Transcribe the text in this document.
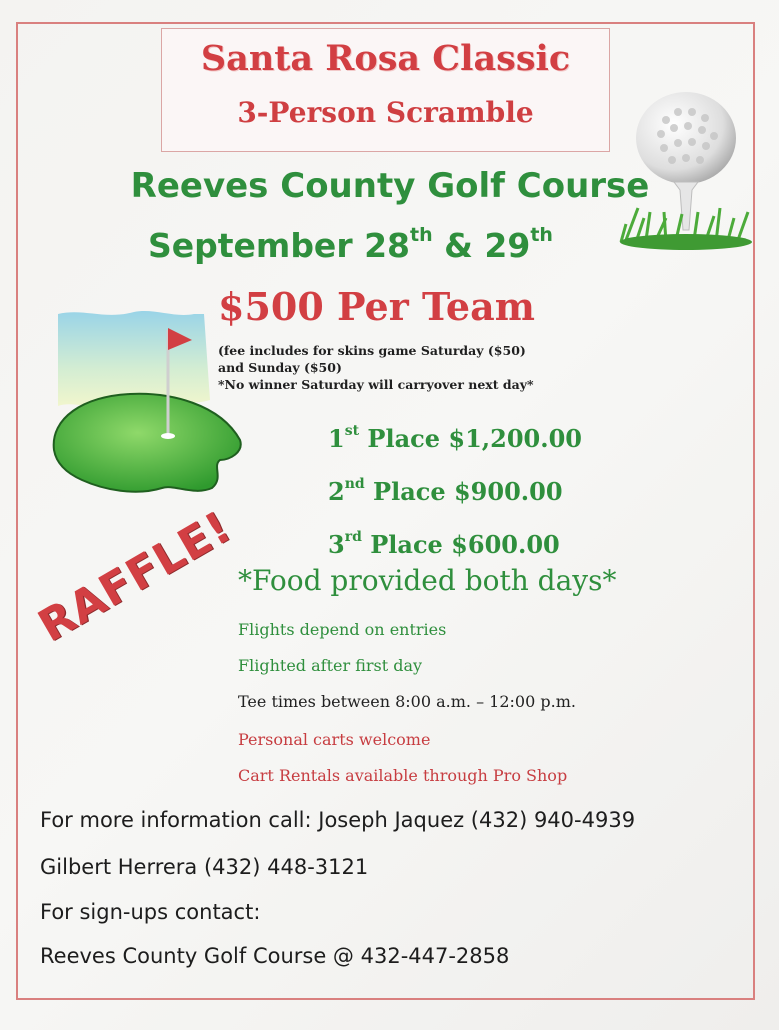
Santa Rosa Classic
3-Person Scramble
Reeves County Golf Course
September 28th & 29th
$500 Per Team
(fee includes for skins game Saturday ($50)
and Sunday ($50)
*No winner Saturday will carryover next day*
1st Place $1,200.00
2nd Place $900.00
3rd Place $600.00
*Food provided both days*
RAFFLE!
Flights depend on entries
Flighted after first day
Tee times between 8:00 a.m. – 12:00 p.m.
Personal carts welcome
Cart Rentals available through Pro Shop
For more information call: Joseph Jaquez (432) 940-4939
Gilbert Herrera (432) 448-3121
For sign-ups contact:
Reeves County Golf Course @ 432-447-2858
